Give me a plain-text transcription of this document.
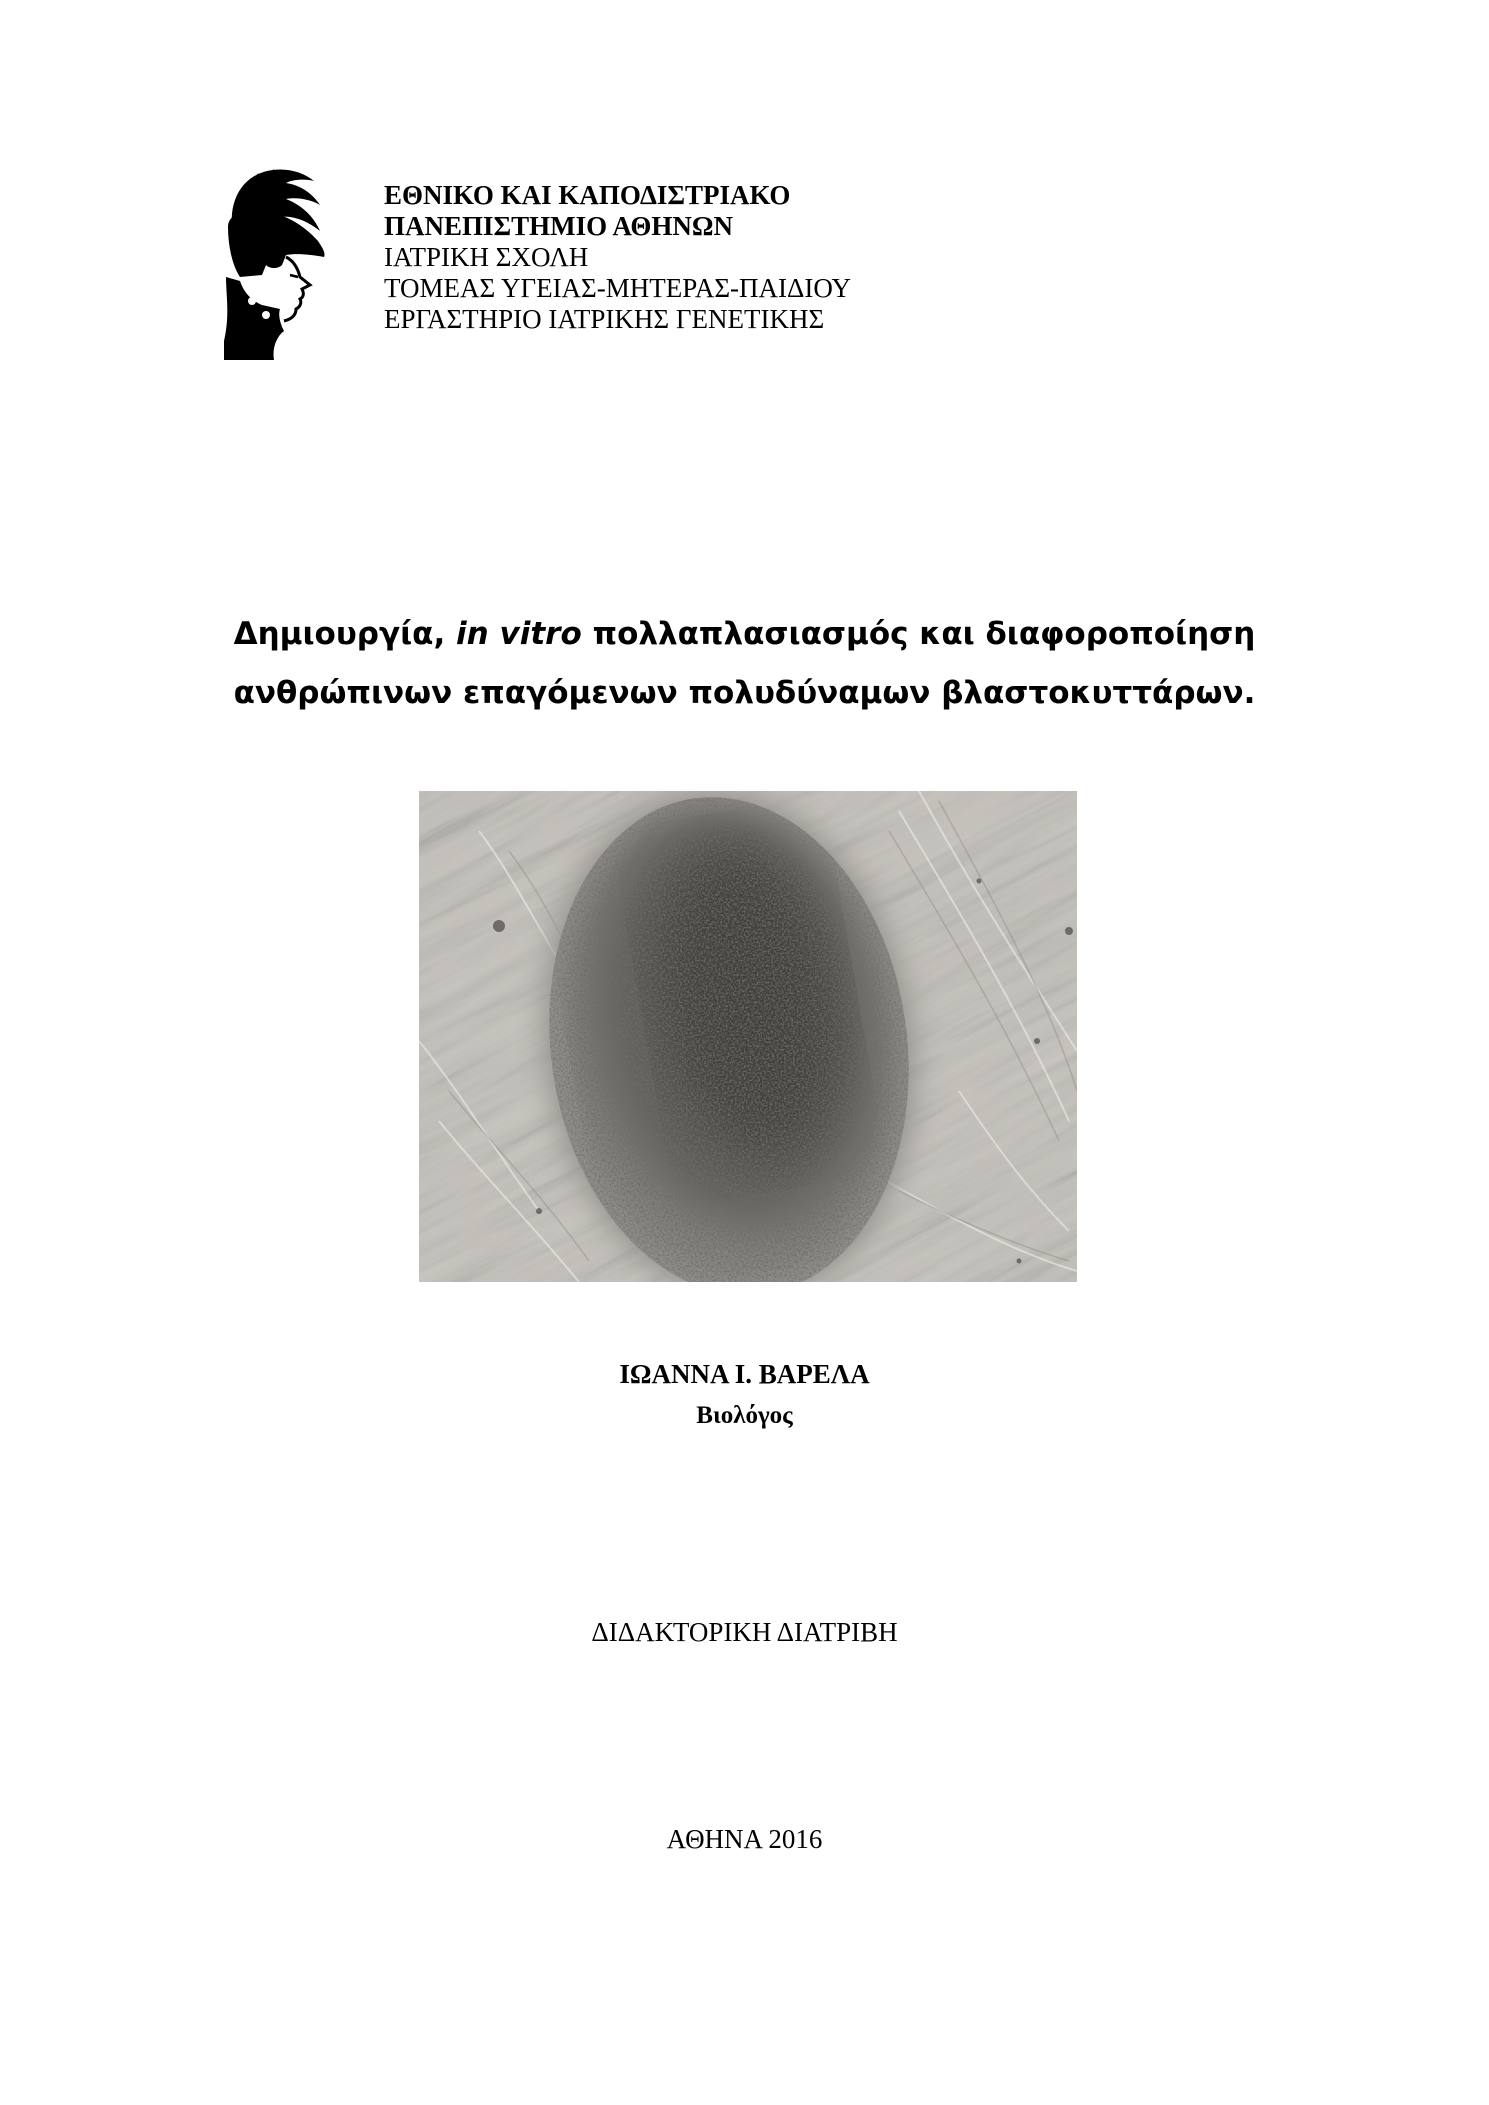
ΕΘΝΙΚΟ ΚΑΙ ΚΑΠΟΔΙΣΤΡΙΑΚΟ
ΠΑΝΕΠΙΣΤΗΜΙΟ ΑΘΗΝΩΝ
ΙΑΤΡΙΚΗ ΣΧΟΛΗ
ΤΟΜΕΑΣ ΥΓΕΙΑΣ-ΜΗΤΕΡΑΣ-ΠΑΙΔΙΟΥ
ΕΡΓΑΣΤΗΡΙΟ ΙΑΤΡΙΚΗΣ ΓΕΝΕΤΙΚΗΣ
Δημιουργία, in vitro πολλαπλασιασμός και διαφοροποίηση
ανθρώπινων επαγόμενων πολυδύναμων βλαστοκυττάρων.
ΙΩΑΝΝΑ Ι. ΒΑΡΕΛΑ
Βιολόγος
ΔΙΔΑΚΤΟΡΙΚΗ ΔΙΑΤΡΙΒΗ
ΑΘΗΝΑ 2016
